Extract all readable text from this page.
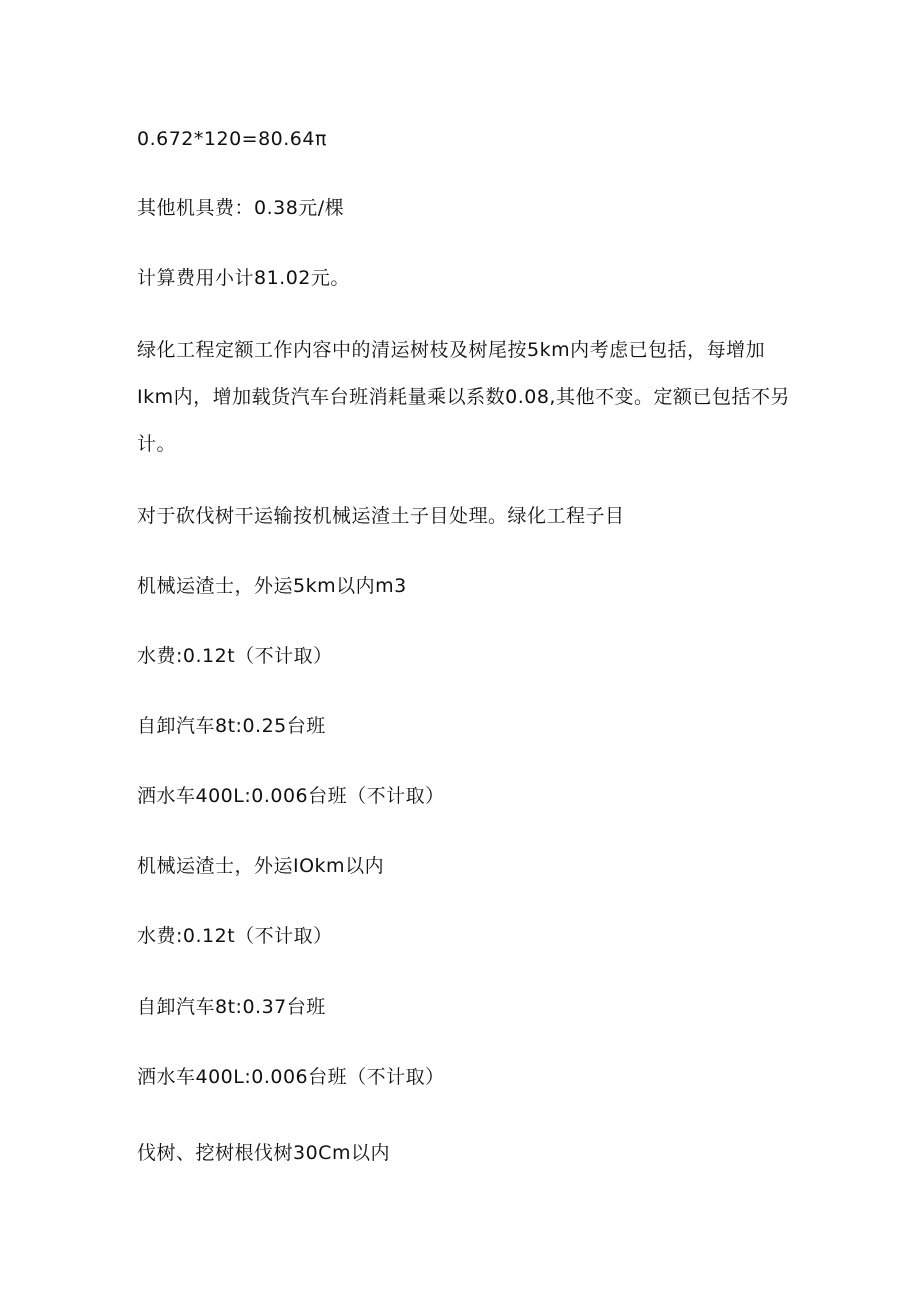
0.672*120=80.64π
其他机具费：0.38元/棵
计算费用小计81.02元。
绿化工程定额工作内容中的清运树枝及树尾按5km内考虑已包括，每增加Ikm内，增加载货汽车台班消耗量乘以系数0.08,其他不变。定额已包括不另计。
对于砍伐树干运输按机械运渣土子目处理。绿化工程子目
机械运渣士，外运5km以内m3
水费:0.12t（不计取）
自卸汽车8t:0.25台班
洒水车400L:0.006台班（不计取）
机械运渣士，外运IOkm以内
水费:0.12t（不计取）
自卸汽车8t:0.37台班
洒水车400L:0.006台班（不计取）
伐树、挖树根伐树30Cm以内
